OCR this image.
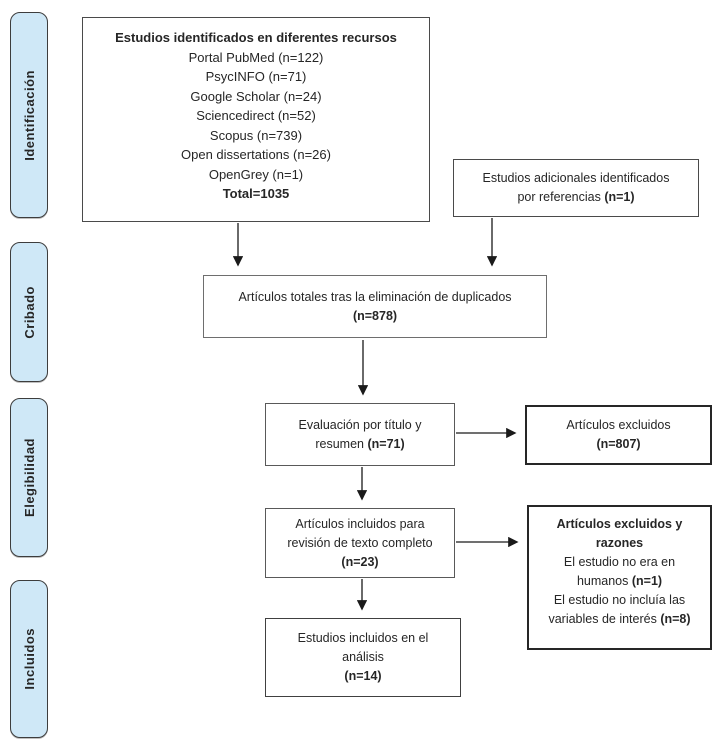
Identificación
Cribado
Elegibilidad
Incluidos
Estudios identificados en diferentes recursos
Portal PubMed (n=122)
PsycINFO (n=71)
Google Scholar (n=24)
Sciencedirect (n=52)
Scopus (n=739)
Open dissertations (n=26)
OpenGrey (n=1)
Total=1035
Estudios adicionales identificados
por referencias (n=1)
Artículos totales tras la eliminación de duplicados
(n=878)
Evaluación por título y
resumen (n=71)
Artículos excluidos
(n=807)
Artículos incluidos para
revisión de texto completo
(n=23)
Artículos excluidos y
razones
El estudio no era en
humanos (n=1)
El estudio no incluía las
variables de interés (n=8)
Estudios incluidos en el
análisis
(n=14)
